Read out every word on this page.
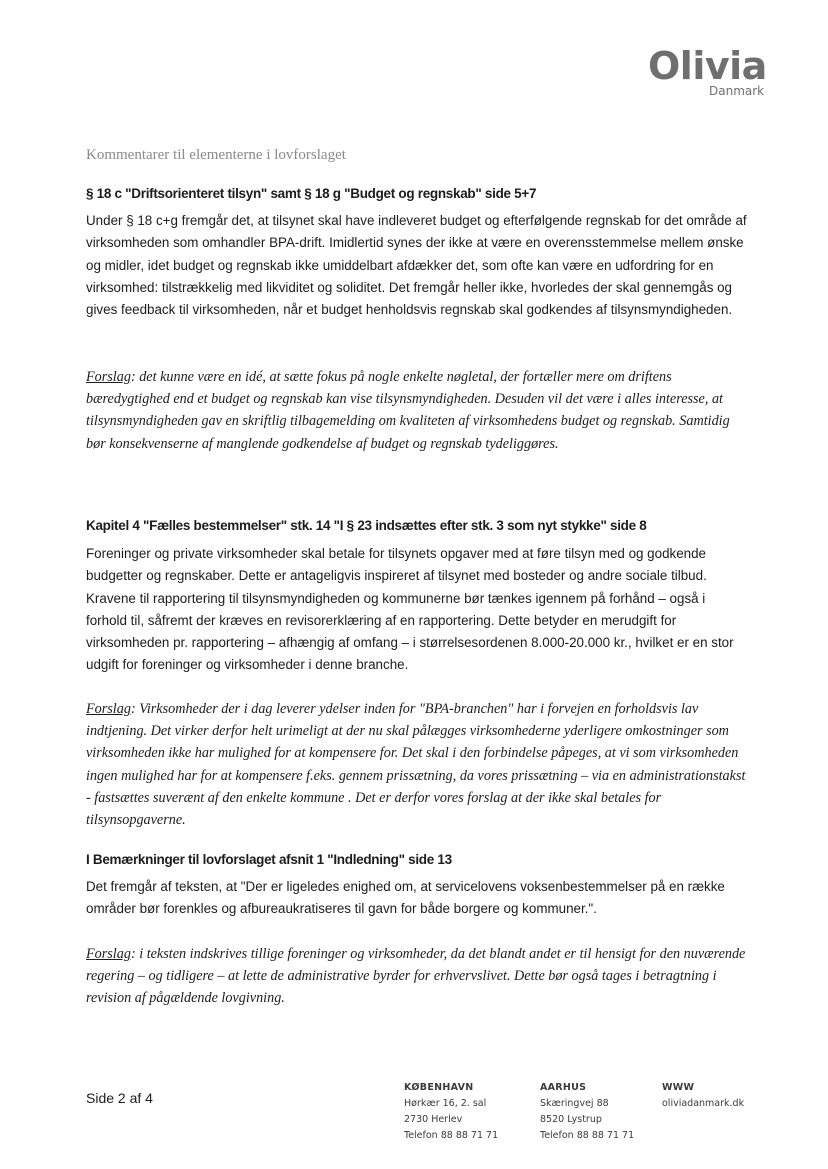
Olivia
Danmark
Kommentarer til elementerne i lovforslaget
§ 18 c "Driftsorienteret tilsyn" samt § 18 g "Budget og regnskab" side 5+7

Under § 18 c+g fremgår det, at tilsynet skal have indleveret budget og efterfølgende regnskab for det område af virksomheden som omhandler BPA-drift. Imidlertid synes der ikke at være en overensstemmelse mellem ønske og midler, idet budget og regnskab ikke umiddelbart afdækker det, som ofte kan være en udfordring for en virksomhed: tilstrækkelig med likviditet og soliditet. Det fremgår heller ikke, hvorledes der skal gennemgås og gives feedback til virksomheden, når et budget henholdsvis regnskab skal godkendes af tilsynsmyndigheden.

Forslag: det kunne være en idé, at sætte fokus på nogle enkelte nøgletal, der fortæller mere om driftens bæredygtighed end et budget og regnskab kan vise tilsynsmyndigheden. Desuden vil det være i alles interesse, at tilsynsmyndigheden gav en skriftlig tilbagemelding om kvaliteten af virksomhedens budget og regnskab. Samtidig bør konsekvenserne af manglende godkendelse af budget og regnskab tydeliggøres.

Kapitel 4 "Fælles bestemmelser" stk. 14 "I § 23 indsættes efter stk. 3 som nyt stykke" side 8

Foreninger og private virksomheder skal betale for tilsynets opgaver med at føre tilsyn med og godkende budgetter og regnskaber. Dette er antageligvis inspireret af tilsynet med bosteder og andre sociale tilbud. Kravene til rapportering til tilsynsmyndigheden og kommunerne bør tænkes igennem på forhånd – også i forhold til, såfremt der kræves en revisorerklæring af en rapportering. Dette betyder en merudgift for virksomheden pr. rapportering – afhængig af omfang – i størrelsesordenen 8.000-20.000 kr., hvilket er en stor udgift for foreninger og virksomheder i denne branche.

Forslag: Virksomheder der i dag leverer ydelser inden for "BPA-branchen" har i forvejen en forholdsvis lav indtjening. Det virker derfor helt urimeligt at der nu skal pålægges virksomhederne yderligere omkostninger som virksomheden ikke har mulighed for at kompensere for. Det skal i den forbindelse påpeges, at vi som virksomheden ingen mulighed har for at kompensere f.eks. gennem prissætning, da vores prissætning – via en administrationstakst - fastsættes suverænt af den enkelte kommune . Det er derfor vores forslag at der ikke skal betales for tilsynsopgaverne.

I Bemærkninger til lovforslaget afsnit 1 "Indledning" side 13

Det fremgår af teksten, at "Der er ligeledes enighed om, at servicelovens voksenbestemmelser på en række områder bør forenkles og afbureaukratiseres til gavn for både borgere og kommuner.".

Forslag: i teksten indskrives tillige foreninger og virksomheder, da det blandt andet er til hensigt for den nuværende regering – og tidligere – at lette de administrative byrder for erhvervslivet. Dette bør også tages i betragtning i revision af pågældende lovgivning.

Side 2 af 4
KØBENHAVN
Hørkær 16, 2. sal
2730 Herlev
Telefon 88 88 71 71
AARHUS
Skæringvej 88
8520 Lystrup
Telefon 88 88 71 71
WWW
oliviadanmark.dk
